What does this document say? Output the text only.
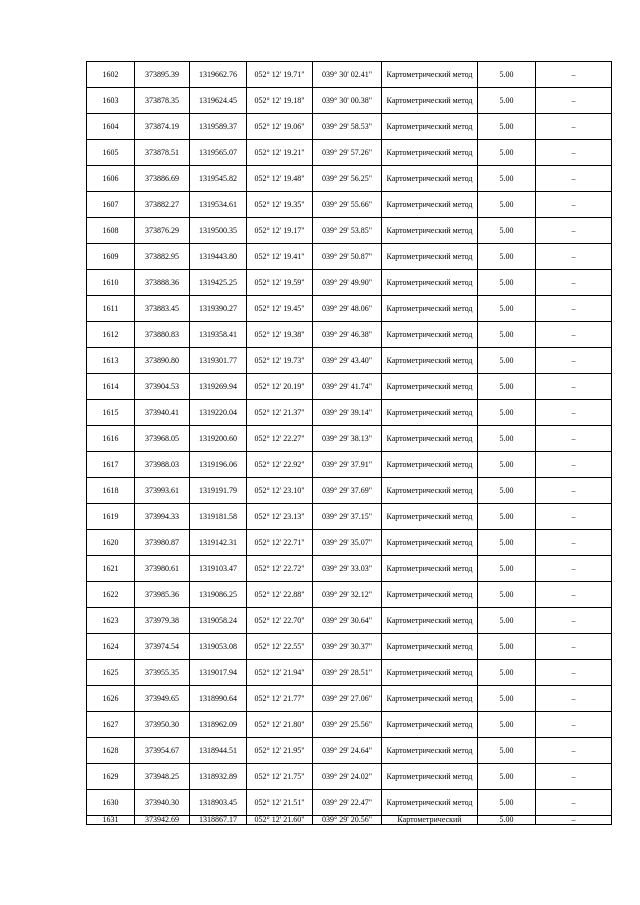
1602	373895.39	1319662.76	052° 12' 19.71"	039° 30' 02.41"	Картометрический метод	5.00	–
1603	373878.35	1319624.45	052° 12' 19.18"	039° 30' 00.38"	Картометрический метод	5.00	–
1604	373874.19	1319589.37	052° 12' 19.06"	039° 29' 58.53"	Картометрический метод	5.00	–
1605	373878.51	1319565.07	052° 12' 19.21"	039° 29' 57.26"	Картометрический метод	5.00	–
1606	373886.69	1319545.82	052° 12' 19.48"	039° 29' 56.25"	Картометрический метод	5.00	–
1607	373882.27	1319534.61	052° 12' 19.35"	039° 29' 55.66"	Картометрический метод	5.00	–
1608	373876.29	1319500.35	052° 12' 19.17"	039° 29' 53.85"	Картометрический метод	5.00	–
1609	373882.95	1319443.80	052° 12' 19.41"	039° 29' 50.87"	Картометрический метод	5.00	–
1610	373888.36	1319425.25	052° 12' 19.59"	039° 29' 49.90"	Картометрический метод	5.00	–
1611	373883.45	1319390.27	052° 12' 19.45"	039° 29' 48.06"	Картометрический метод	5.00	–
1612	373880.83	1319358.41	052° 12' 19.38"	039° 29' 46.38"	Картометрический метод	5.00	–
1613	373890.80	1319301.77	052° 12' 19.73"	039° 29' 43.40"	Картометрический метод	5.00	–
1614	373904.53	1319269.94	052° 12' 20.19"	039° 29' 41.74"	Картометрический метод	5.00	–
1615	373940.41	1319220.04	052° 12' 21.37"	039° 29' 39.14"	Картометрический метод	5.00	–
1616	373968.05	1319200.60	052° 12' 22.27"	039° 29' 38.13"	Картометрический метод	5.00	–
1617	373988.03	1319196.06	052° 12' 22.92"	039° 29' 37.91"	Картометрический метод	5.00	–
1618	373993.61	1319191.79	052° 12' 23.10"	039° 29' 37.69"	Картометрический метод	5.00	–
1619	373994.33	1319181.58	052° 12' 23.13"	039° 29' 37.15"	Картометрический метод	5.00	–
1620	373980.87	1319142.31	052° 12' 22.71"	039° 29' 35.07"	Картометрический метод	5.00	–
1621	373980.61	1319103.47	052° 12' 22.72"	039° 29' 33.03"	Картометрический метод	5.00	–
1622	373985.36	1319086.25	052° 12' 22.88"	039° 29' 32.12"	Картометрический метод	5.00	–
1623	373979.38	1319058.24	052° 12' 22.70"	039° 29' 30.64"	Картометрический метод	5.00	–
1624	373974.54	1319053.08	052° 12' 22.55"	039° 29' 30.37"	Картометрический метод	5.00	–
1625	373955.35	1319017.94	052° 12' 21.94"	039° 29' 28.51"	Картометрический метод	5.00	–
1626	373949.65	1318990.64	052° 12' 21.77"	039° 29' 27.06"	Картометрический метод	5.00	–
1627	373950.30	1318962.09	052° 12' 21.80"	039° 29' 25.56"	Картометрический метод	5.00	–
1628	373954.67	1318944.51	052° 12' 21.95"	039° 29' 24.64"	Картометрический метод	5.00	–
1629	373948.25	1318932.89	052° 12' 21.75"	039° 29' 24.02"	Картометрический метод	5.00	–
1630	373940.30	1318903.45	052° 12' 21.51"	039° 29' 22.47"	Картометрический метод	5.00	–
1631	373942.69	1318867.17	052° 12' 21.60"	039° 29' 20.56"	Картометрический	5.00	–
